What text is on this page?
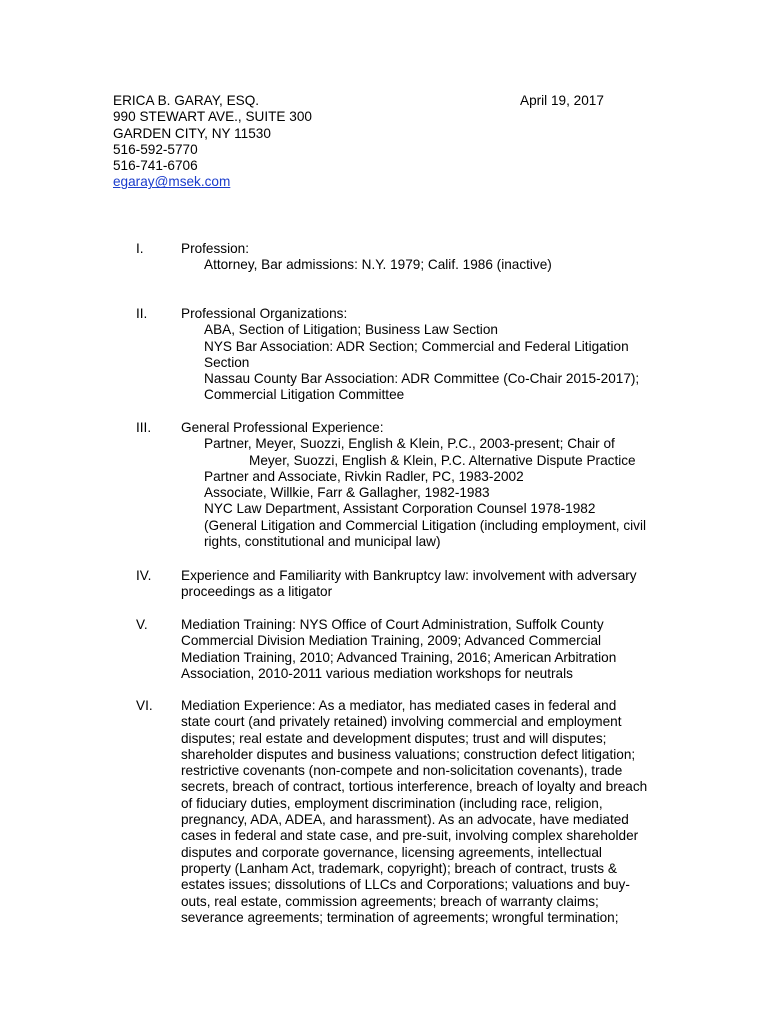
ERICA B. GARAY, ESQ.
990 STEWART AVE., SUITE 300
GARDEN CITY, NY 11530
516-592-5770
516-741-6706
egaray@msek.com
April 19, 2017
I.	Profession:
Attorney, Bar admissions: N.Y. 1979; Calif. 1986 (inactive)
II. Professional Organizations:
ABA, Section of Litigation; Business Law Section
NYS Bar Association: ADR Section; Commercial and Federal Litigation
Section
Nassau County Bar Association: ADR Committee (Co-Chair 2015-2017);
Commercial Litigation Committee
III. General Professional Experience:
Partner, Meyer, Suozzi, English & Klein, P.C., 2003-present; Chair of
Meyer, Suozzi, English & Klein, P.C. Alternative Dispute Practice
Partner and Associate, Rivkin Radler, PC, 1983-2002
Associate, Willkie, Farr & Gallagher, 1982-1983
NYC Law Department, Assistant Corporation Counsel 1978-1982
(General Litigation and Commercial Litigation (including employment, civil
rights, constitutional and municipal law)
IV. Experience and Familiarity with Bankruptcy law: involvement with adversary
proceedings as a litigator
V. Mediation Training: NYS Office of Court Administration, Suffolk County
Commercial Division Mediation Training, 2009; Advanced Commercial
Mediation Training, 2010; Advanced Training, 2016; American Arbitration
Association, 2010-2011 various mediation workshops for neutrals
VI. Mediation Experience: As a mediator, has mediated cases in federal and
state court (and privately retained) involving commercial and employment
disputes; real estate and development disputes; trust and will disputes;
shareholder disputes and business valuations; construction defect litigation;
restrictive covenants (non-compete and non-solicitation covenants), trade
secrets, breach of contract, tortious interference, breach of loyalty and breach
of fiduciary duties, employment discrimination (including race, religion,
pregnancy, ADA, ADEA, and harassment). As an advocate, have mediated
cases in federal and state case, and pre-suit, involving complex shareholder
disputes and corporate governance, licensing agreements, intellectual
property (Lanham Act, trademark, copyright); breach of contract, trusts &
estates issues; dissolutions of LLCs and Corporations; valuations and buy-
outs, real estate, commission agreements; breach of warranty claims;
severance agreements; termination of agreements; wrongful termination;
